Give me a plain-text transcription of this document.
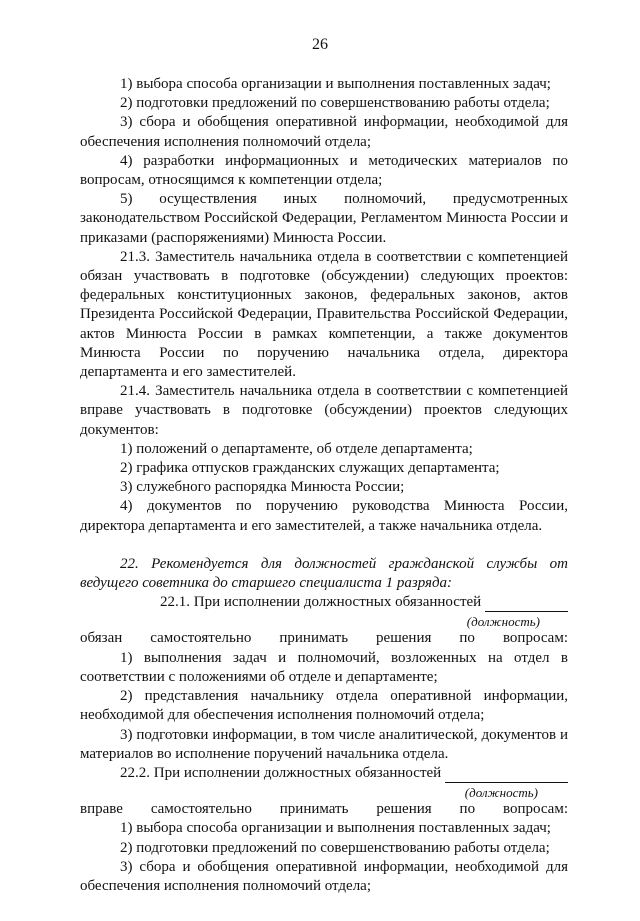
26

1) выбора способа организации и выполнения поставленных задач;

2) подготовки предложений по совершенствованию работы отдела;

3) сбора и обобщения оперативной информации, необходимой для обеспечения исполнения полномочий отдела;

4) разработки информационных и методических материалов по вопросам, относящимся к компетенции отдела;

5) осуществления иных полномочий, предусмотренных законодательством Российской Федерации, Регламентом Минюста России и приказами (распоряжениями) Минюста России.

21.3. Заместитель начальника отдела в соответствии с компетенцией обязан участвовать в подготовке (обсуждении) следующих проектов: федеральных конституционных законов, федеральных законов, актов Президента Российской Федерации, Правительства Российской Федерации, актов Минюста России в рамках компетенции, а также документов Минюста России по поручению начальника отдела, директора департамента и его заместителей.

21.4. Заместитель начальника отдела в соответствии с компетенцией вправе участвовать в подготовке (обсуждении) проектов следующих документов:

1) положений о департаменте, об отделе департамента;

2) графика отпусков гражданских служащих департамента;

3) служебного распорядка Минюста России;

4) документов по поручению руководства Минюста России, директора департамента и его заместителей, а также начальника отдела.

22. Рекомендуется для должностей гражданской службы от ведущего советника до старшего специалиста 1 разряда:

22.1. При исполнении должностных обязанностей
(должность)

обязан самостоятельно принимать решения по вопросам:

1) выполнения задач и полномочий, возложенных на отдел в соответствии с положениями об отделе и департаменте;

2) представления начальнику отдела оперативной информации, необходимой для обеспечения исполнения полномочий отдела;

3) подготовки информации, в том числе аналитической, документов и материалов во исполнение поручений начальника отдела.

22.2. При исполнении должностных обязанностей
(должность)

вправе самостоятельно принимать решения по вопросам:

1) выбора способа организации и выполнения поставленных задач;

2) подготовки предложений по совершенствованию работы отдела;

3) сбора и обобщения оперативной информации, необходимой для обеспечения исполнения полномочий отдела;
